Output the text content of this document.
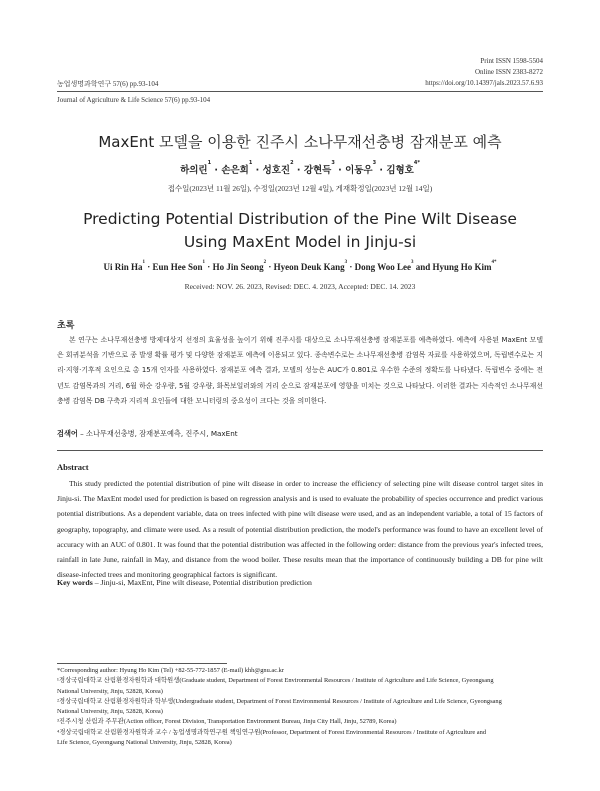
Print ISSN 1598-5504
Online ISSN 2383-8272
https://doi.org/10.14397/jals.2023.57.6.93
농업생명과학연구 57(6) pp.93-104
Journal of Agriculture & Life Science 57(6) pp.93-104
MaxEnt 모델을 이용한 진주시 소나무재선충병 잠재분포 예측
하의린$^1$ · 손은희$^1$ · 성호진$^2$ · 강현득$^3$ · 이동우$^3$ · 김형호$^{4*}$
접수일(2023년 11월 26일), 수정일(2023년 12월 4일), 게재확정일(2023년 12월 14일)
Predicting Potential Distribution of the Pine Wilt Disease Using MaxEnt Model in Jinju-si
Ui Rin $Ha^1$ · Eun Hee Son$^1$ · Ho Jin Seong$^2$ · Hyeon Deuk Kang$^3$ · Dong Woo Lee$^3$ and Hyung Ho Kim$^{4*}$
Received: NOV. 26. 2023, Revised: DEC. 4. 2023, Accepted: DEC. 14. 2023
초록

본 연구는 소나무재선충병 방제대상지 선정의 효율성을 높이기 위해 진주시를 대상으로 소나무재선충병 잠재분포를 예측하였다. 예측에 사용된 MaxEnt 모델은 회귀분석을 기반으로 종 발생 확률 평가 및 다양한 잠재분포 예측에 이용되고 있다. 종속변수로는 소나무재선충병 감염목 자료를 사용하였으며, 독립변수로는 지리·지형·기후적 요인으로 총 15개 인자를 사용하였다. 잠재분포 예측 결과, 모델의 성능은 AUC가 0.801로 우수한 수준의 정확도를 나타냈다. 독립변수 중에는 전년도 감염목과의 거리, 6월 하순 강우량, 5월 강우량, 화목보일러와의 거리 순으로 잠재분포에 영향을 미치는 것으로 나타났다. 이러한 결과는 지속적인 소나무재선충병 감염목 DB 구축과 지리적 요인들에 대한 모니터링의 중요성이 크다는 것을 의미한다.

검색어 – 소나무재선충병, 잠재분포예측, 진주시, MaxEnt
Abstract

This study predicted the potential distribution of pine wilt disease in order to increase the efficiency of selecting pine wilt disease control target sites in Jinju-si. The MaxEnt model used for prediction is based on regression analysis and is used to evaluate the probability of species occurrence and predict various potential distributions. As a dependent variable, data on trees infected with pine wilt disease were used, and as an independent variable, a total of 15 factors of geography, topography, and climate were used. As a result of potential distribution prediction, the model's performance was found to have an excellent level of accuracy with an AUC of 0.801. It was found that the potential distribution was affected in the following order: distance from the previous year's infected trees, rainfall in late June, rainfall in May, and distance from the wood boiler. These results mean that the importance of continuously building a DB for pine wilt disease-infected trees and monitoring geographical factors is significant.

Key words – Jinju-si, MaxEnt, Pine wilt disease, Potential distribution prediction
*Corresponding author: Hyung Ho Kim (Tel) +82-55-772-1857 (E-mail) khh@gnu.ac.kr
¹경상국립대학교 산림환경자원학과 대학원생(Graduate student, Department of Forest Environmental Resources / Institute of Agriculture and Life Science, Gyeongsang
National University, Jinju, 52828, Korea)
²경상국립대학교 산림환경자원학과 학부생(Undergraduate student, Department of Forest Environmental Resources / Institute of Agriculture and Life Science, Gyeongsang
National University, Jinju, 52828, Korea)
³진주시청 산림과 주무관(Action officer, Forest Division, Transportation Environment Bureau, Jinju City Hall, Jinju, 52789, Korea)
⁴경상국립대학교 산림환경자원학과 교수 / 농업생명과학연구원 책임연구원(Professor, Department of Forest Environmental Resources / Institute of Agriculture and
Life Science, Gyeongsang National University, Jinju, 52828, Korea)
